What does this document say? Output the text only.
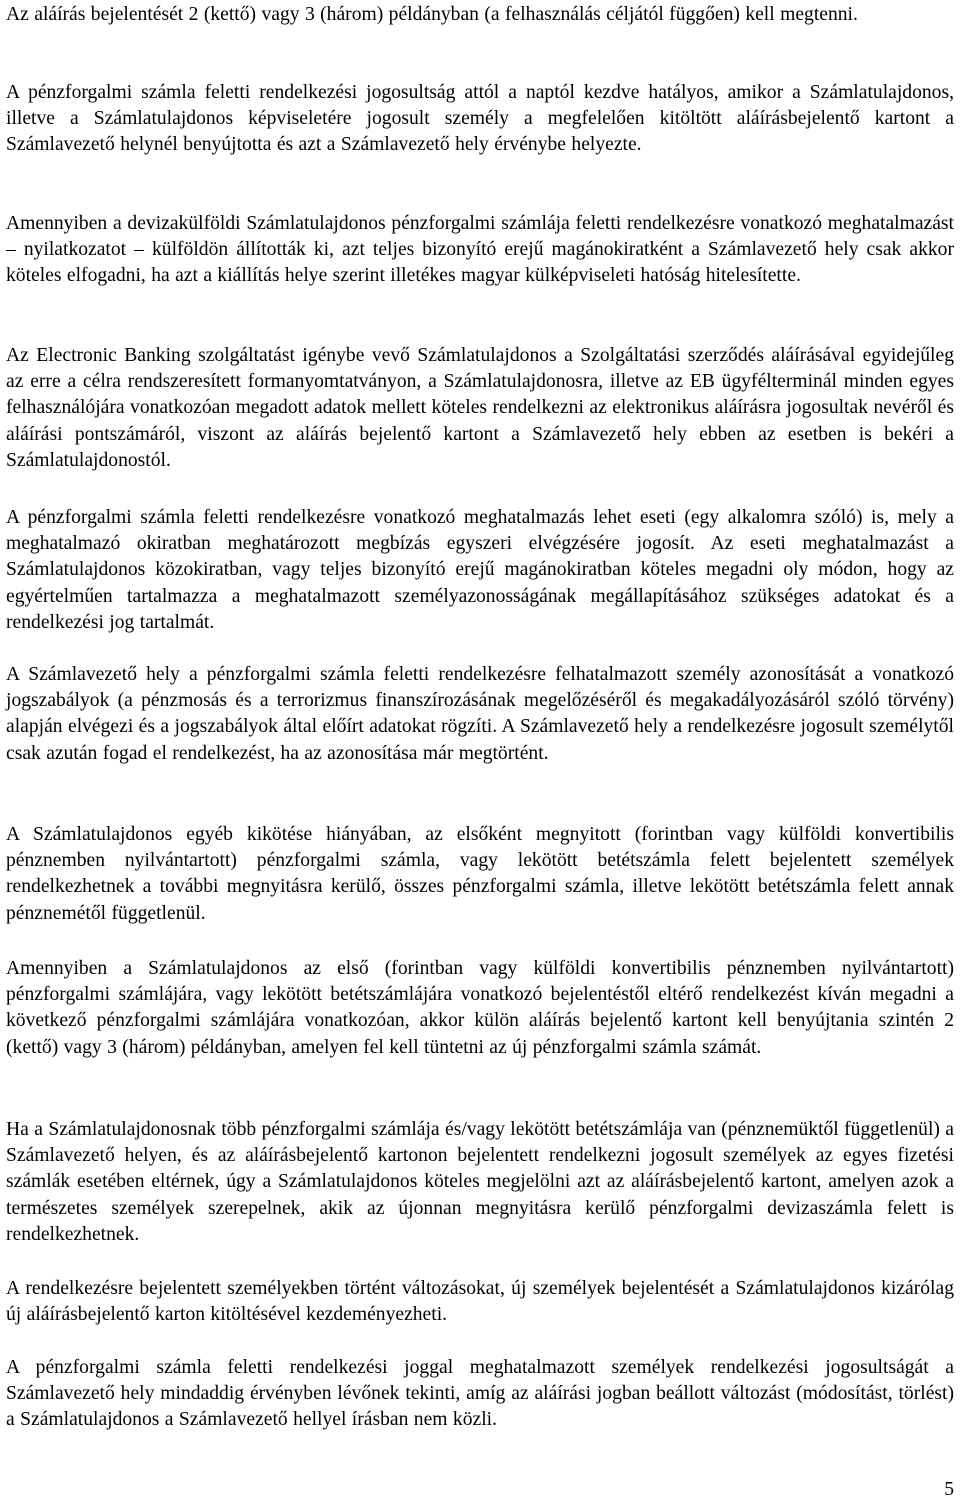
Az aláírás bejelentését 2 (kettő) vagy 3 (három) példányban (a felhasználás céljától függően) kell megtenni.

A pénzforgalmi számla feletti rendelkezési jogosultság attól a naptól kezdve hatályos, amikor a Számlatulajdonos, illetve a Számlatulajdonos képviseletére jogosult személy a megfelelően kitöltött aláírásbejelentő kartont a Számlavezető helynél benyújtotta és azt a Számlavezető hely érvénybe helyezte.

Amennyiben a devizakülföldi Számlatulajdonos pénzforgalmi számlája feletti rendelkezésre vonatkozó meghatalmazást – nyilatkozatot – külföldön állították ki, azt teljes bizonyító erejű magánokiratként a Számlavezető hely csak akkor köteles elfogadni, ha azt a kiállítás helye szerint illetékes magyar külképviseleti hatóság hitelesítette.

Az Electronic Banking szolgáltatást igénybe vevő Számlatulajdonos a Szolgáltatási szerződés aláírásával egyidejűleg az erre a célra rendszeresített formanyomtatványon, a Számlatulajdonosra, illetve az EB ügyfélterminál minden egyes felhasználójára vonatkozóan megadott adatok mellett köteles rendelkezni az elektronikus aláírásra jogosultak nevéről és aláírási pontszámáról, viszont az aláírás bejelentő kartont a Számlavezető hely ebben az esetben is bekéri a Számlatulajdonostól.

A pénzforgalmi számla feletti rendelkezésre vonatkozó meghatalmazás lehet eseti (egy alkalomra szóló) is, mely a meghatalmazó okiratban meghatározott megbízás egyszeri elvégzésére jogosít. Az eseti meghatalmazást a Számlatulajdonos közokiratban, vagy teljes bizonyító erejű magánokiratban köteles megadni oly módon, hogy az egyértelműen tartalmazza a meghatalmazott személyazonosságának megállapításához szükséges adatokat és a rendelkezési jog tartalmát.

A Számlavezető hely a pénzforgalmi számla feletti rendelkezésre felhatalmazott személy azonosítását a vonatkozó jogszabályok (a pénzmosás és a terrorizmus finanszírozásának megelőzéséről és megakadályozásáról szóló törvény) alapján elvégezi és a jogszabályok által előírt adatokat rögzíti. A Számlavezető hely a rendelkezésre jogosult személytől csak azután fogad el rendelkezést, ha az azonosítása már megtörtént.

A Számlatulajdonos egyéb kikötése hiányában, az elsőként megnyitott (forintban vagy külföldi konvertibilis pénznemben nyilvántartott) pénzforgalmi számla, vagy lekötött betétszámla felett bejelentett személyek rendelkezhetnek a további megnyitásra kerülő, összes pénzforgalmi számla, illetve lekötött betétszámla felett annak pénznemétől függetlenül.

Amennyiben a Számlatulajdonos az első (forintban vagy külföldi konvertibilis pénznemben nyilvántartott) pénzforgalmi számlájára, vagy lekötött betétszámlájára vonatkozó bejelentéstől eltérő rendelkezést kíván megadni a következő pénzforgalmi számlájára vonatkozóan, akkor külön aláírás bejelentő kartont kell benyújtania szintén 2 (kettő) vagy 3 (három) példányban, amelyen fel kell tüntetni az új pénzforgalmi számla számát.

Ha a Számlatulajdonosnak több pénzforgalmi számlája és/vagy lekötött betétszámlája van (pénznemüktől függetlenül) a Számlavezető helyen, és az aláírásbejelentő kartonon bejelentett rendelkezni jogosult személyek az egyes fizetési számlák esetében eltérnek, úgy a Számlatulajdonos köteles megjelölni azt az aláírásbejelentő kartont, amelyen azok a természetes személyek szerepelnek, akik az újonnan megnyitásra kerülő pénzforgalmi devizaszámla felett is rendelkezhetnek.

A rendelkezésre bejelentett személyekben történt változásokat, új személyek bejelentését a Számlatulajdonos kizárólag új aláírásbejelentő karton kitöltésével kezdeményezheti.

A pénzforgalmi számla feletti rendelkezési joggal meghatalmazott személyek rendelkezési jogosultságát a Számlavezető hely mindaddig érvényben lévőnek tekinti, amíg az aláírási jogban beállott változást (módosítást, törlést) a Számlatulajdonos a Számlavezető hellyel írásban nem közli.

5
